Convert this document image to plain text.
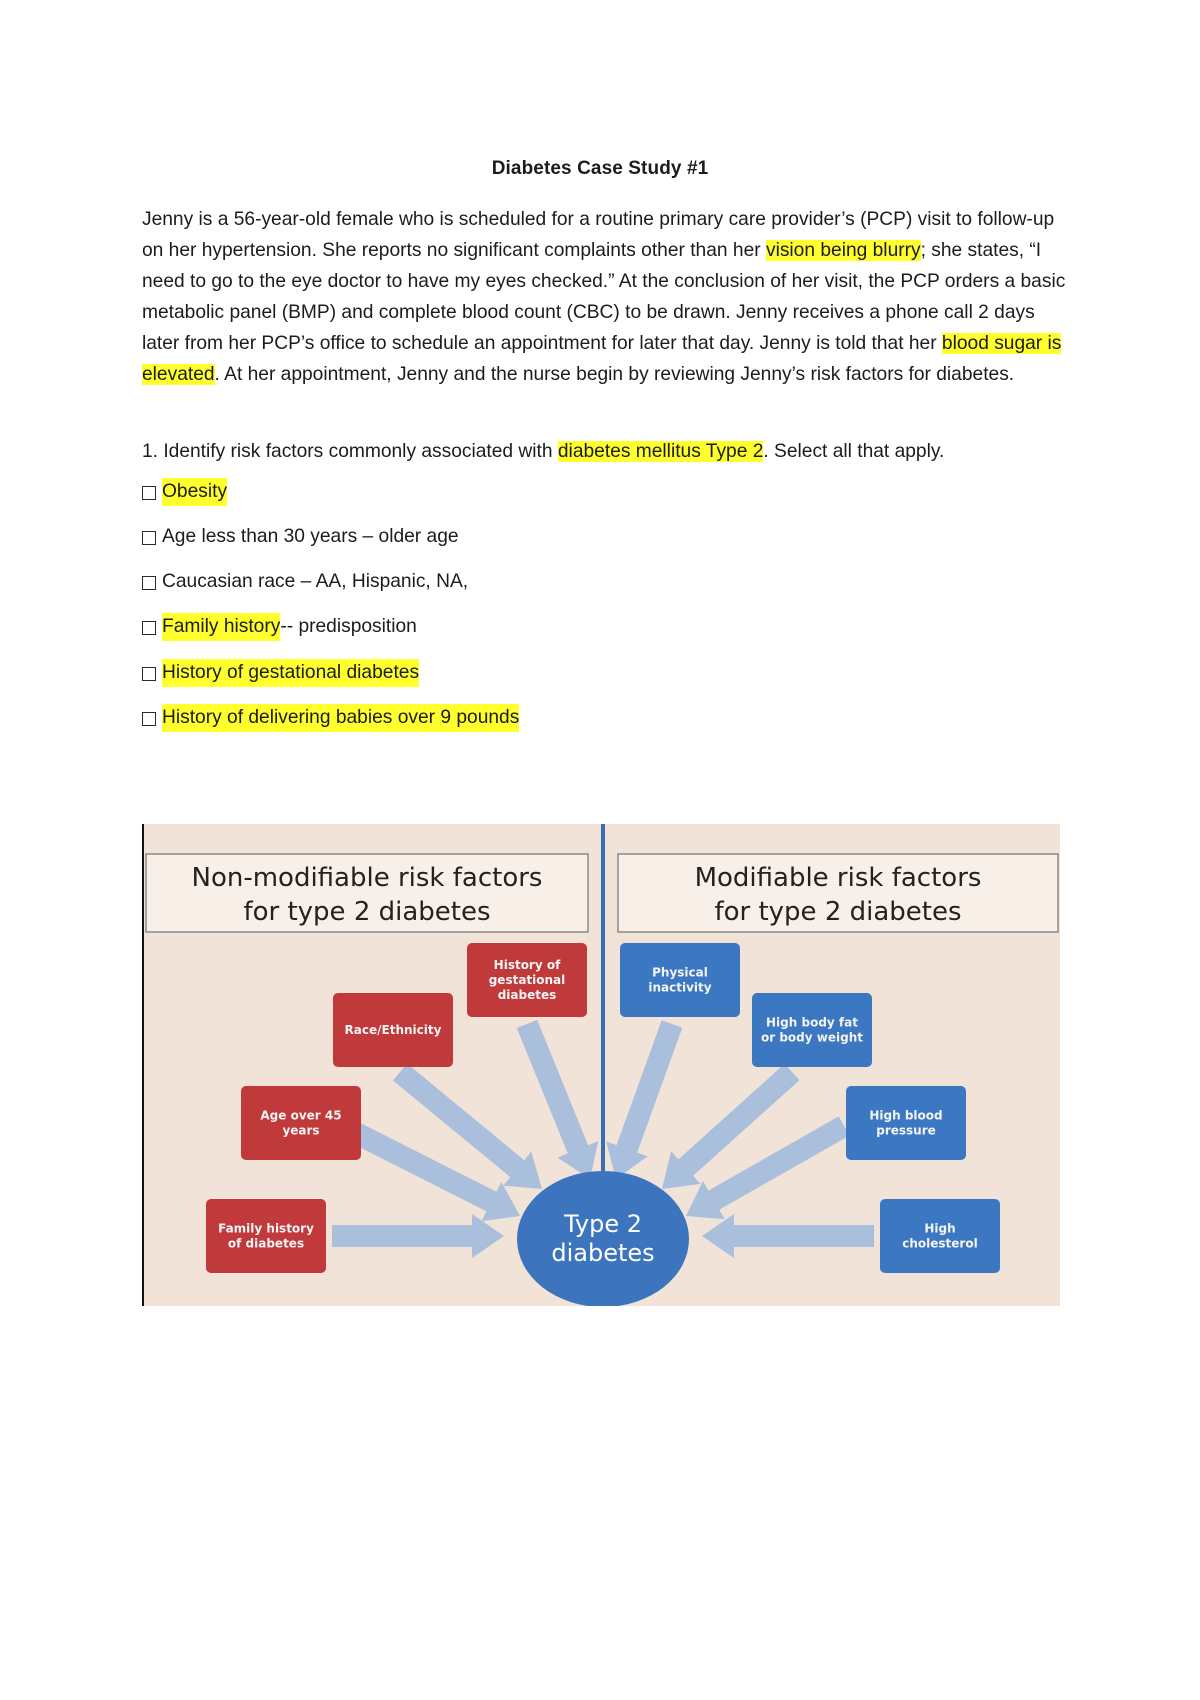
Diabetes Case Study #1
Jenny is a 56-year-old female who is scheduled for a routine primary care provider’s (PCP) visit to follow-up on her hypertension. She reports no significant complaints other than her vision being blurry; she states, “I need to go to the eye doctor to have my eyes checked.” At the conclusion of her visit, the PCP orders a basic metabolic panel (BMP) and complete blood count (CBC) to be drawn. Jenny receives a phone call 2 days later from her PCP’s office to schedule an appointment for later that day. Jenny is told that her blood sugar is elevated. At her appointment, Jenny and the nurse begin by reviewing Jenny’s risk factors for diabetes.
1. Identify risk factors commonly associated with diabetes mellitus Type 2. Select all that apply.
Obesity
Age less than 30 years – older age
Caucasian race – AA, Hispanic, NA,
Family history -- predisposition
History of gestational diabetes
History of delivering babies over 9 pounds
Non-modifiable risk factors
for type 2 diabetes
Modifiable risk factors
for type 2 diabetes
History of
gestational
diabetes
Race/Ethnicity
Age over 45
years
Family history
of diabetes
Physical
inactivity
High body fat
or body weight
High blood
pressure
High
cholesterol
Type 2
diabetes
